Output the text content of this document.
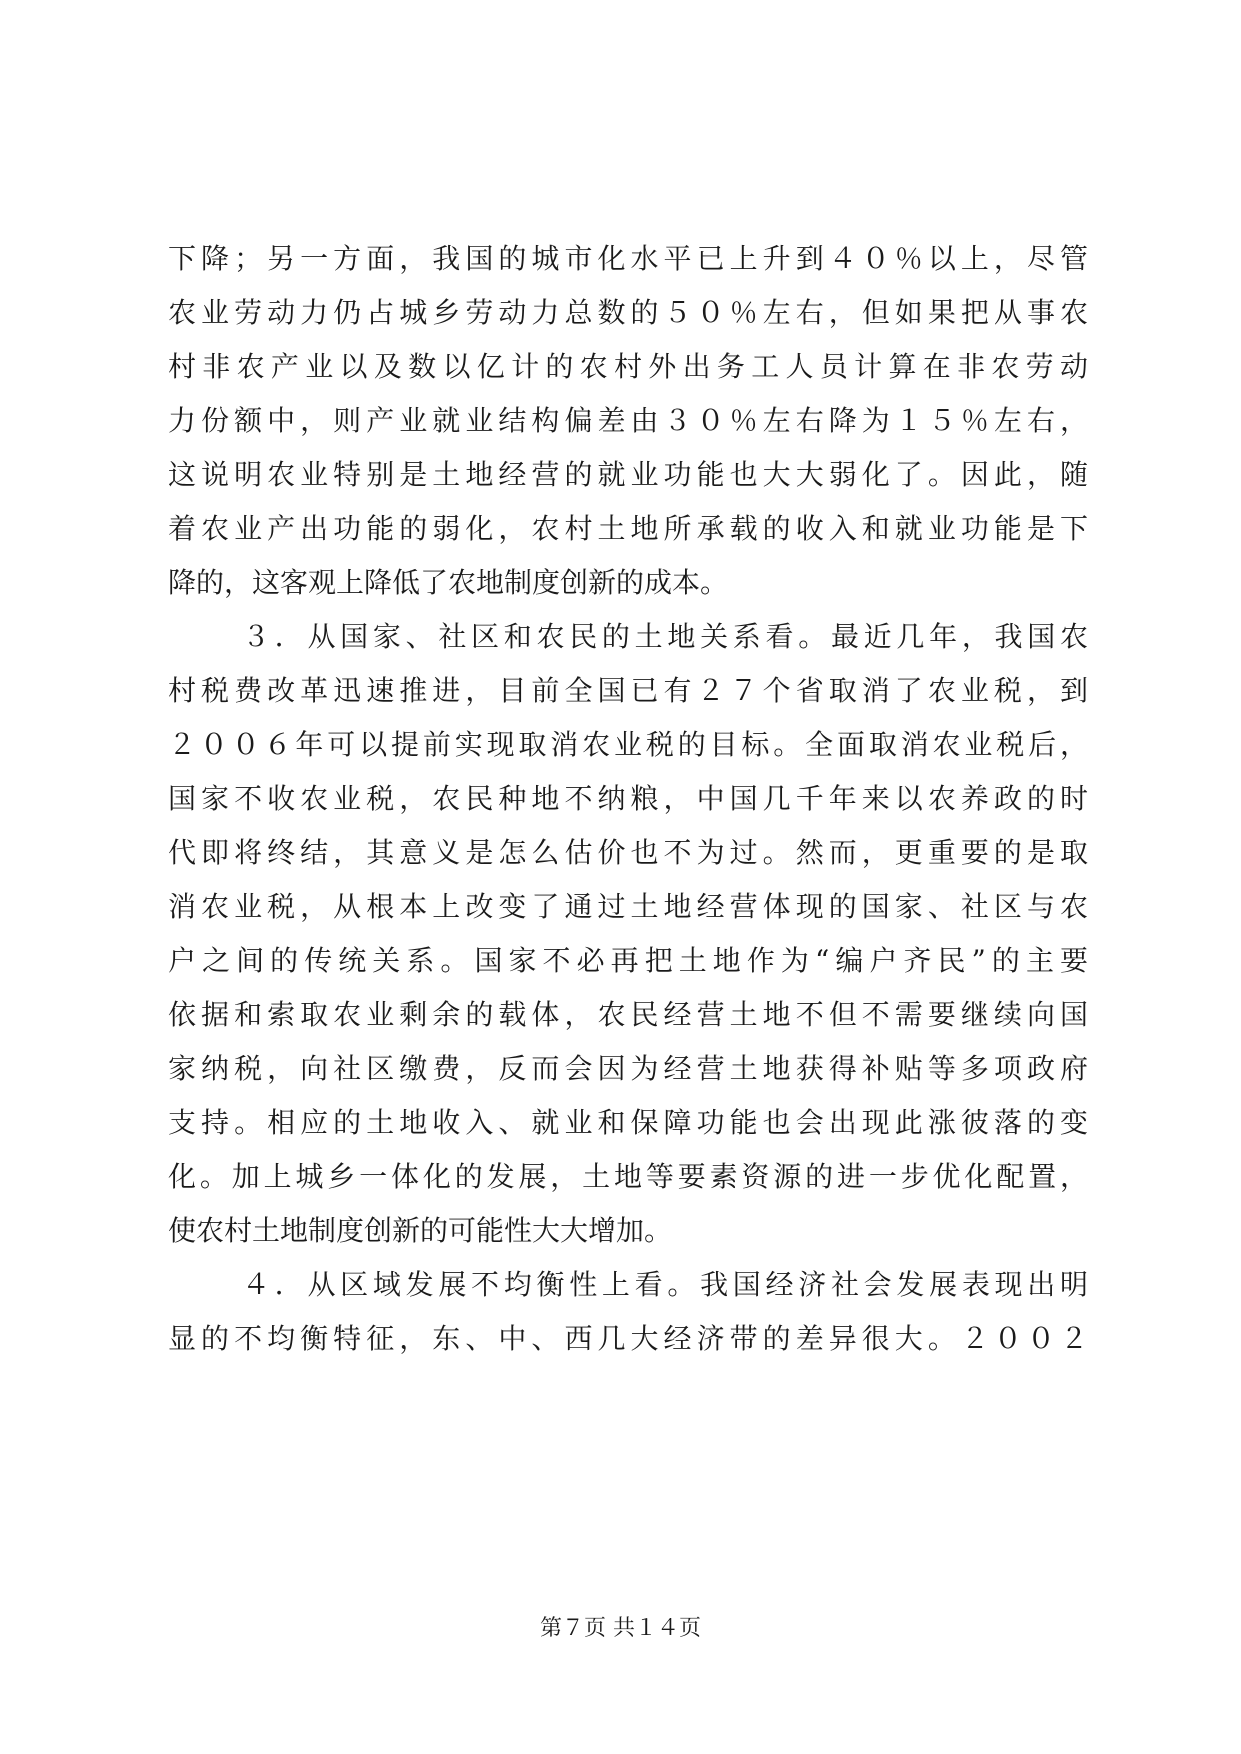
下降；另一方面，我国的城市化水平已上升到４０％以上，尽管
农业劳动力仍占城乡劳动力总数的５０％左右，但如果把从事农
村非农产业以及数以亿计的农村外出务工人员计算在非农劳动
力份额中，则产业就业结构偏差由３０％左右降为１５％左右，
这说明农业特别是土地经营的就业功能也大大弱化了。因此，随
着农业产出功能的弱化，农村土地所承载的收入和就业功能是下
降的，这客观上降低了农地制度创新的成本。
３．从国家、社区和农民的土地关系看。最近几年，我国农
村税费改革迅速推进，目前全国已有２７个省取消了农业税，到
２００６年可以提前实现取消农业税的目标。全面取消农业税后，
国家不收农业税，农民种地不纳粮，中国几千年来以农养政的时
代即将终结，其意义是怎么估价也不为过。然而，更重要的是取
消农业税，从根本上改变了通过土地经营体现的国家、社区与农
户之间的传统关系。国家不必再把土地作为“编户齐民”的主要
依据和索取农业剩余的载体，农民经营土地不但不需要继续向国
家纳税，向社区缴费，反而会因为经营土地获得补贴等多项政府
支持。相应的土地收入、就业和保障功能也会出现此涨彼落的变
化。加上城乡一体化的发展，土地等要素资源的进一步优化配置，
使农村土地制度创新的可能性大大增加。
４．从区域发展不均衡性上看。我国经济社会发展表现出明
显的不均衡特征，东、中、西几大经济带的差异很大。２００２
第７页 共１４页
